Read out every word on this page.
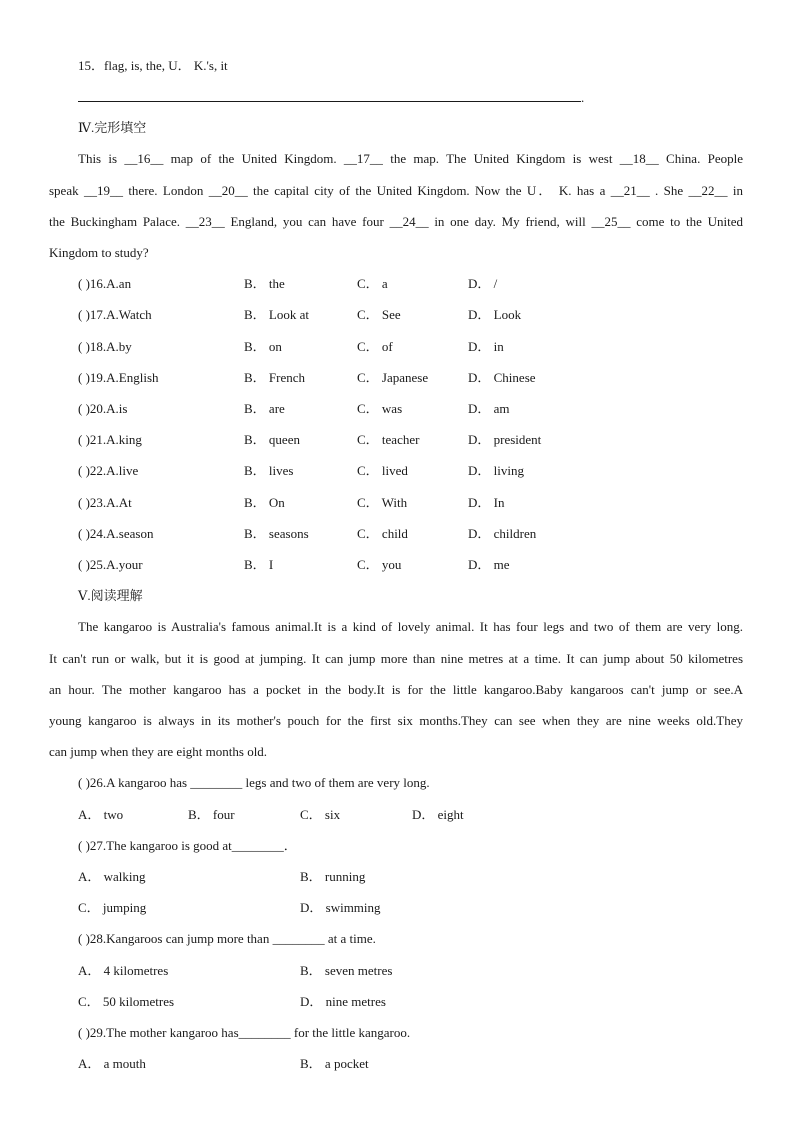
15．flag, is, the, U． K.'s, it
.
Ⅳ.完形填空
This is __16__ map of the United Kingdom. __17__ the map. The United Kingdom is west __18__ China. People
speak __19__ there. London __20__ the capital city of the United Kingdom. Now the U． K. has a __21__ . She __22__ in
the Buckingham Palace. __23__ England, you can have four __24__ in one day. My friend, will __25__ come to the United
Kingdom to study?
( )16.A.an	B． the	C． a	D． /
( )17.A.Watch	B． Look at	C． See	D． Look
( )18.A.by	B． on	C． of	D． in
( )19.A.English	B． French	C． Japanese	D． Chinese
( )20.A.is	B． are	C． was	D． am
( )21.A.king	B． queen	C． teacher	D． president
( )22.A.live	B． lives	C． lived	D． living
( )23.A.At	B． On	C． With	D． In
( )24.A.season	B． seasons	C． child	D． children
( )25.A.your	B． I	C． you	D． me
Ⅴ.阅读理解
The kangaroo is Australia's famous animal.It is a kind of lovely animal. It has four legs and two of them are very long.
It can't run or walk, but it is good at jumping. It can jump more than nine metres at a time. It can jump about 50 kilometres
an hour. The mother kangaroo has a pocket in the body.It is for the little kangaroo.Baby kangaroos can't jump or see.A
young kangaroo is always in its mother's pouch for the first six months.They can see when they are nine weeks old.They
can jump when they are eight months old.
( )26.A kangaroo has ________ legs and two of them are very long.
A． two	B． four	C． six	D． eight
( )27.The kangaroo is good at________．
A． walking	B． running
C． jumping	D． swimming
( )28.Kangaroos can jump more than ________ at a time.
A． 4 kilometres	B． seven metres
C． 50 kilometres	D． nine metres
( )29.The mother kangaroo has________ for the little kangaroo.
A． a mouth	B． a pocket
